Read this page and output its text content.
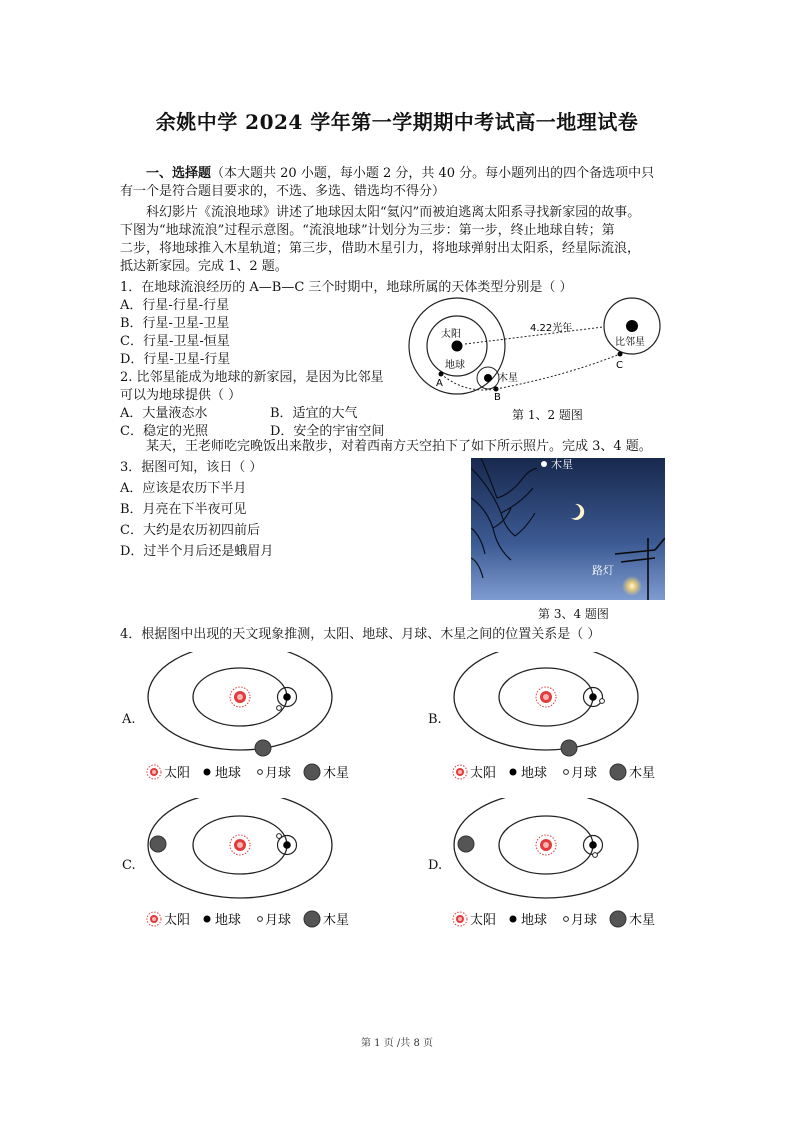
余姚中学 2024 学年第一学期期中考试高一地理试卷
一、选择题（本大题共 20 小题，每小题 2 分，共 40 分。每小题列出的四个备选项中只
有一个是符合题目要求的，不选、多选、错选均不得分）
科幻影片《流浪地球》讲述了地球因太阳“氦闪”而被迫逃离太阳系寻找新家园的故事。
下图为“地球流浪”过程示意图。“流浪地球”计划分为三步：第一步，终止地球自转；第
二步，将地球推入木星轨道；第三步，借助木星引力，将地球弹射出太阳系，经星际流浪，
抵达新家园。完成 1、2 题。
1．在地球流浪经历的 A—B—C 三个时期中，地球所属的天体类型分别是（ ）
A．行星-行星-行星
B．行星-卫星-卫星
C．行星-卫星-恒星
D．行星-卫星-行星
2. 比邻星能成为地球的新家园，是因为比邻星
可以为地球提供（ ）
A．大量液态水	B．适宜的大气
C．稳定的光照	D．安全的宇宙空间
太阳
地球
木星
比邻星
4.22光年
A
B
C
第 1、2 题图
某天，王老师吃完晚饭出来散步，对着西南方天空拍下了如下所示照片。完成 3、4 题。
3．据图可知，该日（ ）
A．应该是农历下半月
B．月亮在下半夜可见
C．大约是农历初四前后
D．过半个月后还是蛾眉月
木星
路灯
第 3、4 题图
4．根据图中出现的天文现象推测，太阳、地球、月球、木星之间的位置关系是（ ）
A.
太阳 地球 月球 木星
B.
太阳 地球 月球 木星
C.
太阳 地球 月球 木星
D.
太阳 地球 月球 木星
第 1 页 /共 8 页
